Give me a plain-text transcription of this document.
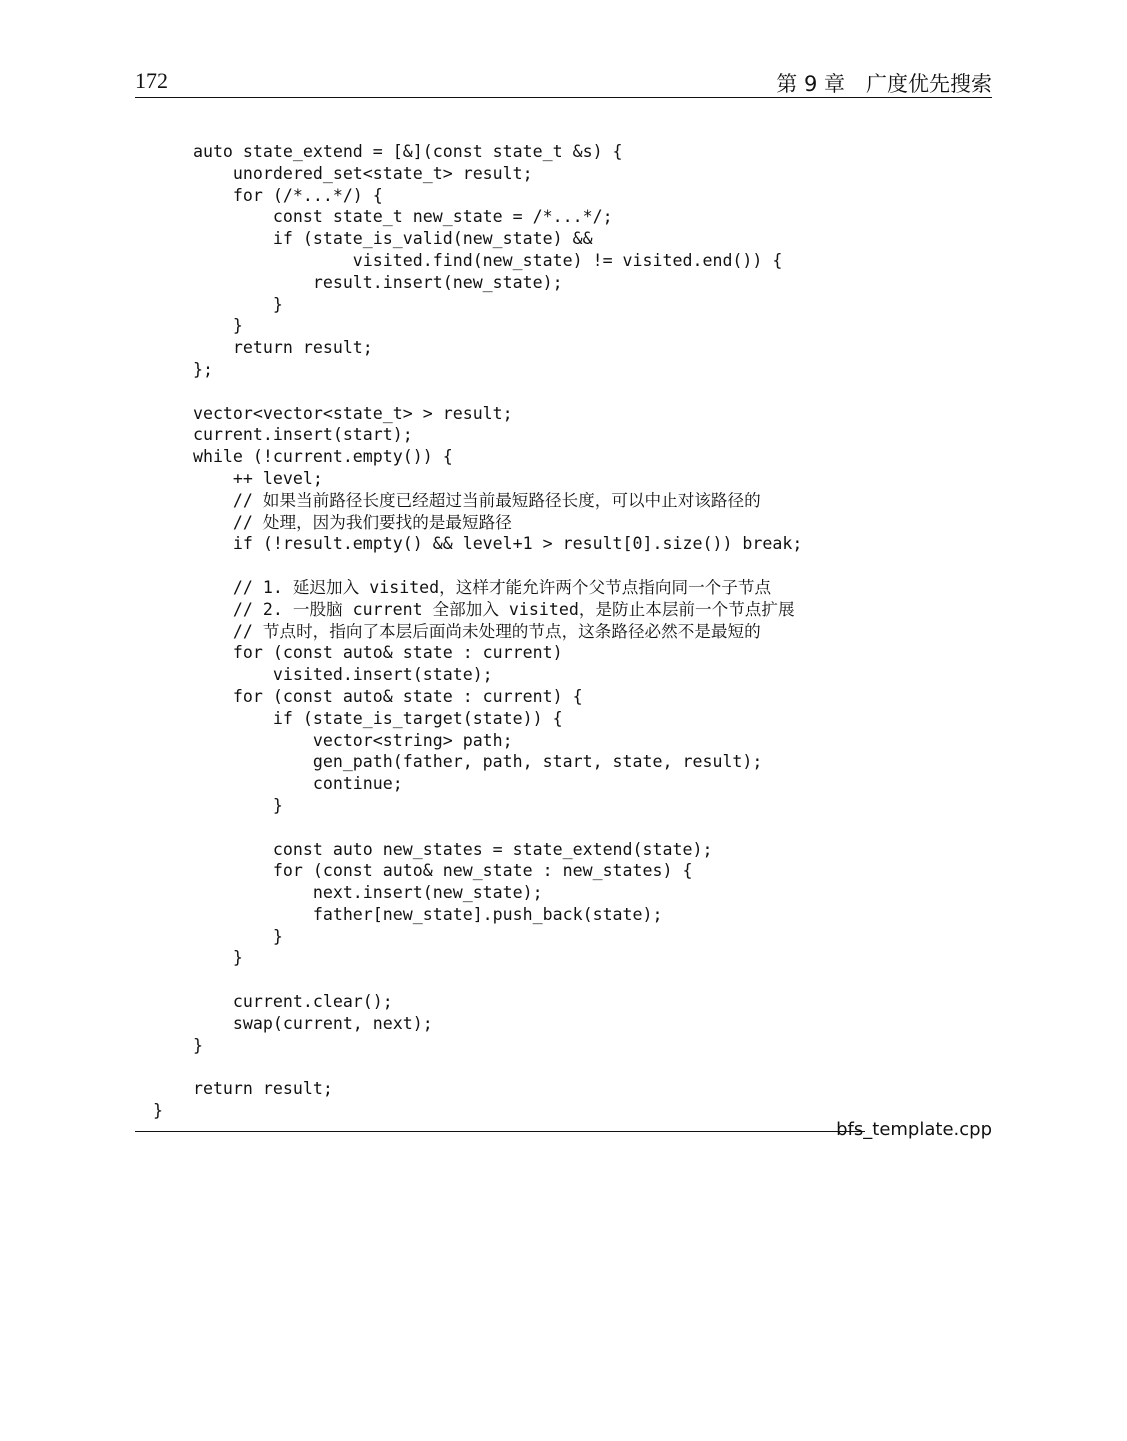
172	第 9 章　广度优先搜索
auto state_extend = [&](const state_t &s) {
unordered_set<state_t> result;
for (/*...*/) {
const state_t new_state = /*...*/;
if (state_is_valid(new_state) &&
visited.find(new_state) != visited.end()) {
result.insert(new_state);
}
}
return result;
};
vector<vector<state_t> > result;
current.insert(start);
while (!current.empty()) {
++ level;
// 如果当前路径长度已经超过当前最短路径长度，可以中止对该路径的
// 处理，因为我们要找的是最短路径
if (!result.empty() && level+1 > result[0].size()) break;
// 1. 延迟加入 visited，这样才能允许两个父节点指向同一个子节点
// 2. 一股脑 current 全部加入 visited，是防止本层前一个节点扩展
// 节点时，指向了本层后面尚未处理的节点，这条路径必然不是最短的
for (const auto& state : current)
visited.insert(state);
for (const auto& state : current) {
if (state_is_target(state)) {
vector<string> path;
gen_path(father, path, start, state, result);
continue;
}
const auto new_states = state_extend(state);
for (const auto& new_state : new_states) {
next.insert(new_state);
father[new_state].push_back(state);
}
}
current.clear();
swap(current, next);
}
return result;
}
bfs_template.cpp
